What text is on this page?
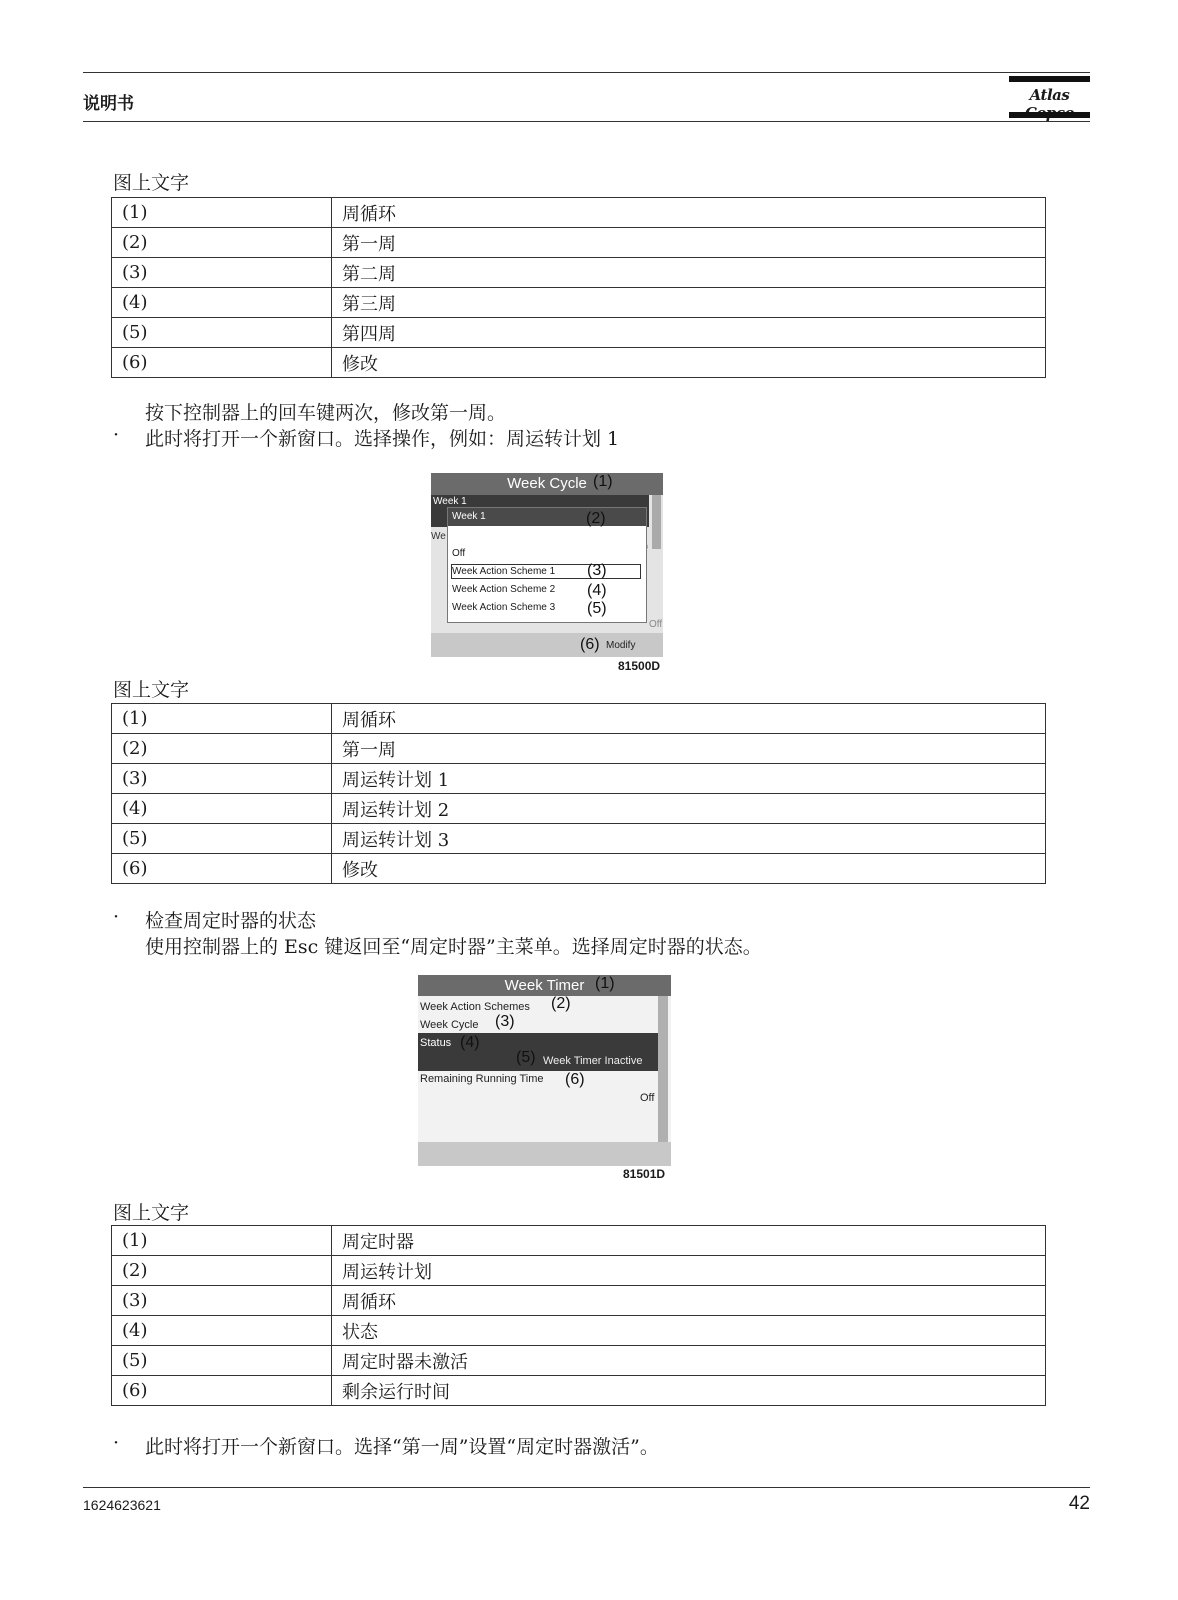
说明书	Atlas
图上文字
(1)	周循环
(2)	第一周
(3)	第二周
(4)	第三周
(5)	第四周
(6)	修改
按下控制器上的回车键两次，修改第一周。
· 此时将打开一个新窗口。选择操作，例如：周运转计划 1
Week Cycle
Week 1
We
Off
Week 1
Off
Week Action Scheme 1
Week Action Scheme 2
Week Action Scheme 3
Modify
(1)
(2)
(3)
(4)
(5)
(6)
81500D
图上文字
(1)	周循环
(2)	第一周
(3)	周运转计划 1
(4)	周运转计划 2
(5)	周运转计划 3
(6)	修改
· 检查周定时器的状态
使用控制器上的 Esc 键返回至“周定时器”主菜单。选择周定时器的状态。
Week Timer
Week Action Schemes
Week Cycle
Status
Week Timer Inactive
Remaining Running Time
Off
(1)
(2)
(3)
(4)
(5)
(6)
81501D
图上文字
(1)	周定时器
(2)	周运转计划
(3)	周循环
(4)	状态
(5)	周定时器未激活
(6)	剩余运行时间
· 此时将打开一个新窗口。选择“第一周”设置“周定时器激活”。
1624623621	42
